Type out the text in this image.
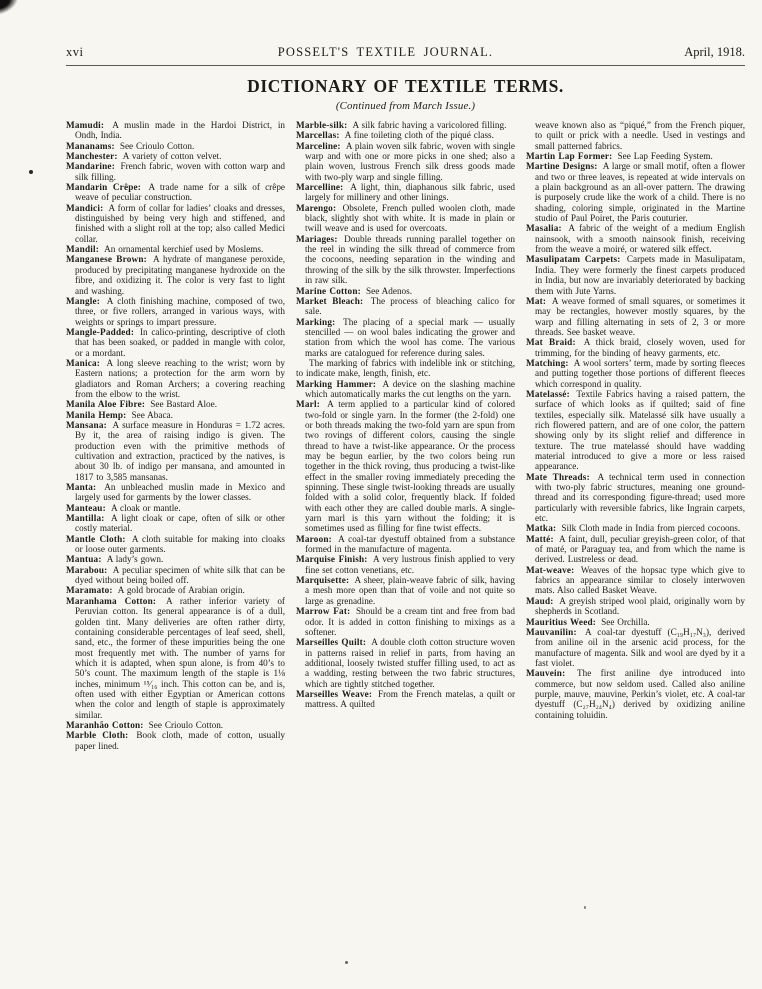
xvi	POSSELT'S TEXTILE JOURNAL.	April, 1918.
DICTIONARY OF TEXTILE TERMS.
(Continued from March Issue.)

Mamudi: A muslin made in the Hardoi District, in Ondh, India.

Mananams: See Crioulo Cotton.

Manchester: A variety of cotton velvet.

Mandarine: French fabric, woven with cotton warp and silk filling.

Mandarin Crêpe: A trade name for a silk of crêpe weave of peculiar construction.

Mandici: A form of collar for ladies’ cloaks and dresses, distinguished by being very high and stiffened, and finished with a slight roll at the top; also called Medici collar.

Mandil: An ornamental kerchief used by Moslems.

Manganese Brown: A hydrate of manganese peroxide, produced by precipitating manganese hydroxide on the fibre, and oxidizing it. The color is very fast to light and washing.

Mangle: A cloth finishing machine, composed of two, three, or five rollers, arranged in various ways, with weights or springs to impart pressure.

Mangle-Padded: In calico-printing, descriptive of cloth that has been soaked, or padded in mangle with color, or a mordant.

Manica: A long sleeve reaching to the wrist; worn by Eastern nations; a protection for the arm worn by gladiators and Roman Archers; a covering reaching from the elbow to the wrist.

Manila Aloe Fibre: See Bastard Aloe.

Manila Hemp: See Abaca.

Mansana: A surface measure in Honduras = 1.72 acres. By it, the area of raising indigo is given. The production even with the primitive methods of cultivation and extraction, practiced by the natives, is about 30 lb. of indigo per mansana, and amounted in 1817 to 3,585 mansanas.

Manta: An unbleached muslin made in Mexico and largely used for garments by the lower classes.

Manteau: A cloak or mantle.

Mantilla: A light cloak or cape, often of silk or other costly material.

Mantle Cloth: A cloth suitable for making into cloaks or loose outer garments.

Mantua: A lady’s gown.

Marabou: A peculiar specimen of white silk that can be dyed without being boiled off.

Maramato: A gold brocade of Arabian origin.

Maranhama Cotton: A rather inferior variety of Peruvian cotton. Its general appearance is of a dull, golden tint. Many deliveries are often rather dirty, containing considerable percentages of leaf seed, shell, sand, etc., the former of these impurities being the one most frequently met with. The number of yarns for which it is adapted, when spun alone, is from 40’s to 50’s count. The maximum length of the staple is 1⅛ inches, minimum ¹⁵⁄₁₆ inch. This cotton can be, and is, often used with either Egyptian or American cottons when the color and length of staple is approximately similar.

Maranhão Cotton: See Crioulo Cotton.

Marble Cloth: Book cloth, made of cotton, usually paper lined.

Marble-silk: A silk fabric having a varicolored filling.

Marcellas: A fine toileting cloth of the piqué class.

Marceline: A plain woven silk fabric, woven with single warp and with one or more picks in one shed; also a plain woven, lustrous French silk dress goods made with two-ply warp and single filling.

Marcelline: A light, thin, diaphanous silk fabric, used largely for millinery and other linings.

Marengo: Obsolete, French pulled woolen cloth, made black, slightly shot with white. It is made in plain or twill weave and is used for overcoats.

Mariages: Double threads running parallel together on the reel in winding the silk thread of commerce from the cocoons, needing separation in the winding and throwing of the silk by the silk throwster. Imperfections in raw silk.

Marine Cotton: See Adenos.

Market Bleach: The process of bleaching calico for sale.

Marking: The placing of a special mark — usually stencilled — on wool bales indicating the grower and station from which the wool has come. The various marks are catalogued for reference during sales.

The marking of fabrics with indelible ink or stitching, to indicate make, length, finish, etc.

Marking Hammer: A device on the slashing machine which automatically marks the cut lengths on the yarn.

Marl: A term applied to a particular kind of colored two-fold or single yarn. In the former (the 2-fold) one or both threads making the two-fold yarn are spun from two rovings of different colors, causing the single thread to have a twist-like appearance. Or the process may be begun earlier, by the two colors being run together in the thick roving, thus producing a twist-like effect in the smaller roving immediately preceding the spinning. These single twist-looking threads are usually folded with a solid color, frequently black. If folded with each other they are called double marls. A single-yarn marl is this yarn without the folding; it is sometimes used as filling for fine twist effects.

Maroon: A coal-tar dyestuff obtained from a substance formed in the manufacture of magenta.

Marquise Finish: A very lustrous finish applied to very fine set cotton venetians, etc.

Marquisette: A sheer, plain-weave fabric of silk, having a mesh more open than that of voile and not quite so large as grenadine.

Marrow Fat: Should be a cream tint and free from bad odor. It is added in cotton finishing to mixings as a softener.

Marseilles Quilt: A double cloth cotton structure woven in patterns raised in relief in parts, from having an additional, loosely twisted stuffer filling used, to act as a wadding, resting between the two fabric structures, which are tightly stitched together.

Marseilles Weave: From the French matelas, a quilt or mattress. A quilted

weave known also as “piqué,” from the French piquer, to quilt or prick with a needle. Used in vestings and small patterned fabrics.

Martin Lap Former: See Lap Feeding System.

Martine Designs: A large or small motif, often a flower and two or three leaves, is repeated at wide intervals on a plain background as an all-over pattern. The drawing is purposely crude like the work of a child. There is no shading, coloring simple, originated in the Martine studio of Paul Poiret, the Paris couturier.

Masalia: A fabric of the weight of a medium English nainsook, with a smooth nainsook finish, receiving from the weave a moiré, or watered silk effect.

Masulipatam Carpets: Carpets made in Masulipatam, India. They were formerly the finest carpets produced in India, but now are invariably deteriorated by backing them with Jute Yarns.

Mat: A weave formed of small squares, or sometimes it may be rectangles, however mostly squares, by the warp and filling alternating in sets of 2, 3 or more threads. See basket weave.

Mat Braid: A thick braid, closely woven, used for trimming, for the binding of heavy garments, etc.

Matching: A wool sorters’ term, made by sorting fleeces and putting together those portions of different fleeces which correspond in quality.

Matelassé: Textile Fabrics having a raised pattern, the surface of which looks as if quilted; said of fine textiles, especially silk. Matelassé silk have usually a rich flowered pattern, and are of one color, the pattern showing only by its slight relief and difference in texture. The true matelassé should have wadding material introduced to give a more or less raised appearance.

Mate Threads: A technical term used in connection with two-ply fabric structures, meaning one ground-thread and its corresponding figure-thread; used more particularly with reversible fabrics, like Ingrain carpets, etc.

Matka: Silk Cloth made in India from pierced cocoons.

Matté: A faint, dull, peculiar greyish-green color, of that of maté, or Paraguay tea, and from which the name is derived. Lustreless or dead.

Mat-weave: Weaves of the hopsac type which give to fabrics an appearance similar to closely interwoven mats. Also called Basket Weave.

Maud: A greyish striped wool plaid, originally worn by shepherds in Scotland.

Mauritius Weed: See Orchilla.

Mauvanilin: A coal-tar dyestuff (C₁₉H₁₇N₃), derived from aniline oil in the arsenic acid process, for the manufacture of magenta. Silk and wool are dyed by it a fast violet.

Mauvein: The first aniline dye introduced into commerce, but now seldom used. Called also aniline purple, mauve, mauvine, Perkin’s violet, etc. A coal-tar dyestuff (C₂₇H₂₄N₄) derived by oxidizing aniline containing toluidin.
